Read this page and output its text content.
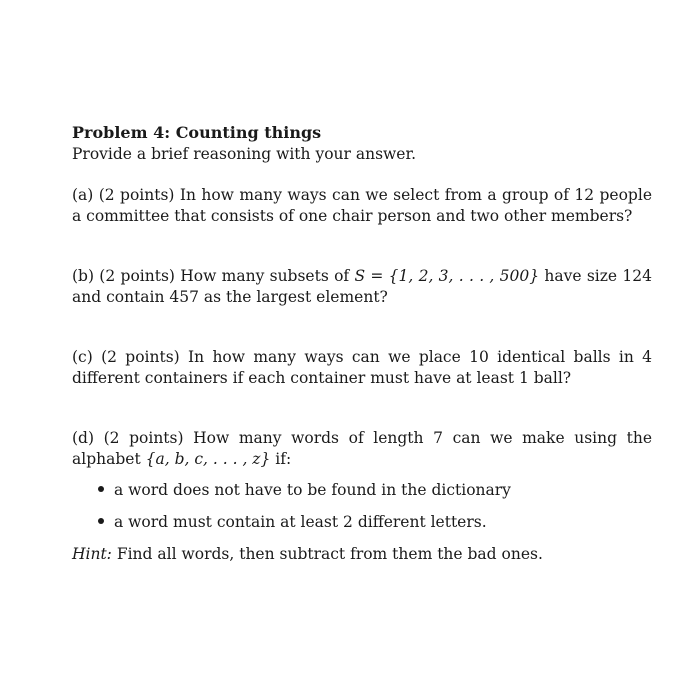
Problem 4: Counting things

Provide a brief reasoning with your answer.

(a) (2 points) In how many ways can we select from a group of 12 people a committee that consists of one chair person and two other members?

(b) (2 points) How many subsets of S = {1, 2, 3, . . . , 500} have size 124 and contain 457 as the largest element?

(c) (2 points) In how many ways can we place 10 identical balls in 4 different containers if each container must have at least 1 ball?

(d) (2 points) How many words of length 7 can we make using the alphabet {a, b, c, . . . , z} if:

a word does not have to be found in the dictionary
a word must contain at least 2 different letters.

Hint: Find all words, then subtract from them the bad ones.
